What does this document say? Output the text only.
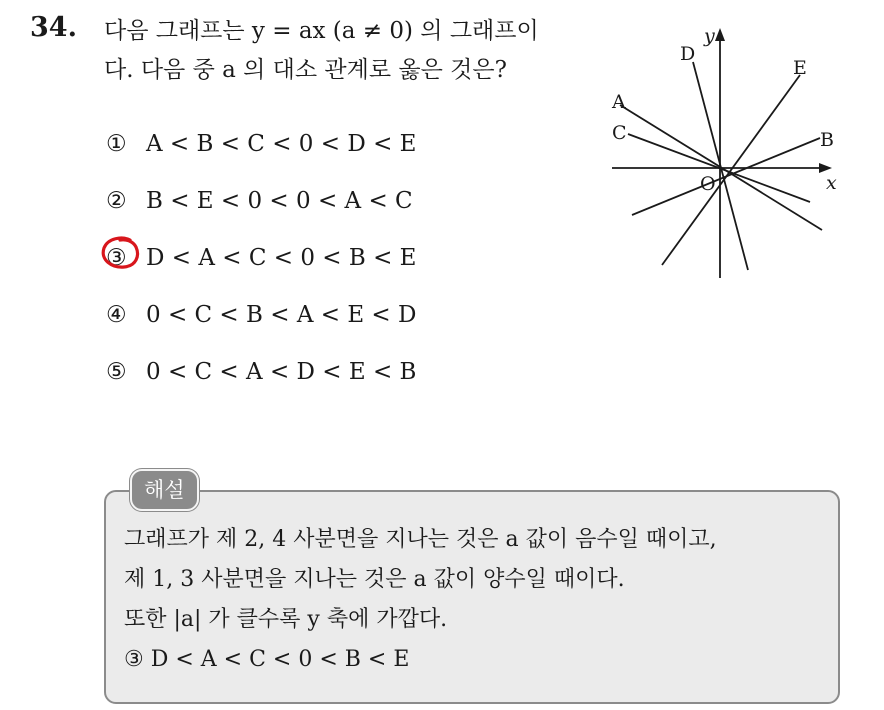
34. 다음 그래프는 y = ax (a ≠ 0) 의 그래프이
다. 다음 중 a 의 대소 관계로 옳은 것은?
① A < B < C < 0 < D < E
② B < E < 0 < 0 < A < C
③ D < A < C < 0 < B < E
④ 0 < C < B < A < E < D
⑤ 0 < C < A < D < E < B
y
x
O
A
B
C
D
E
해설
그래프가 제 2, 4 사분면을 지나는 것은 a 값이 음수일 때이고,
제 1, 3 사분면을 지나는 것은 a 값이 양수일 때이다.
또한 |a| 가 클수록 y 축에 가깝다.
③ D < A < C < 0 < B < E
